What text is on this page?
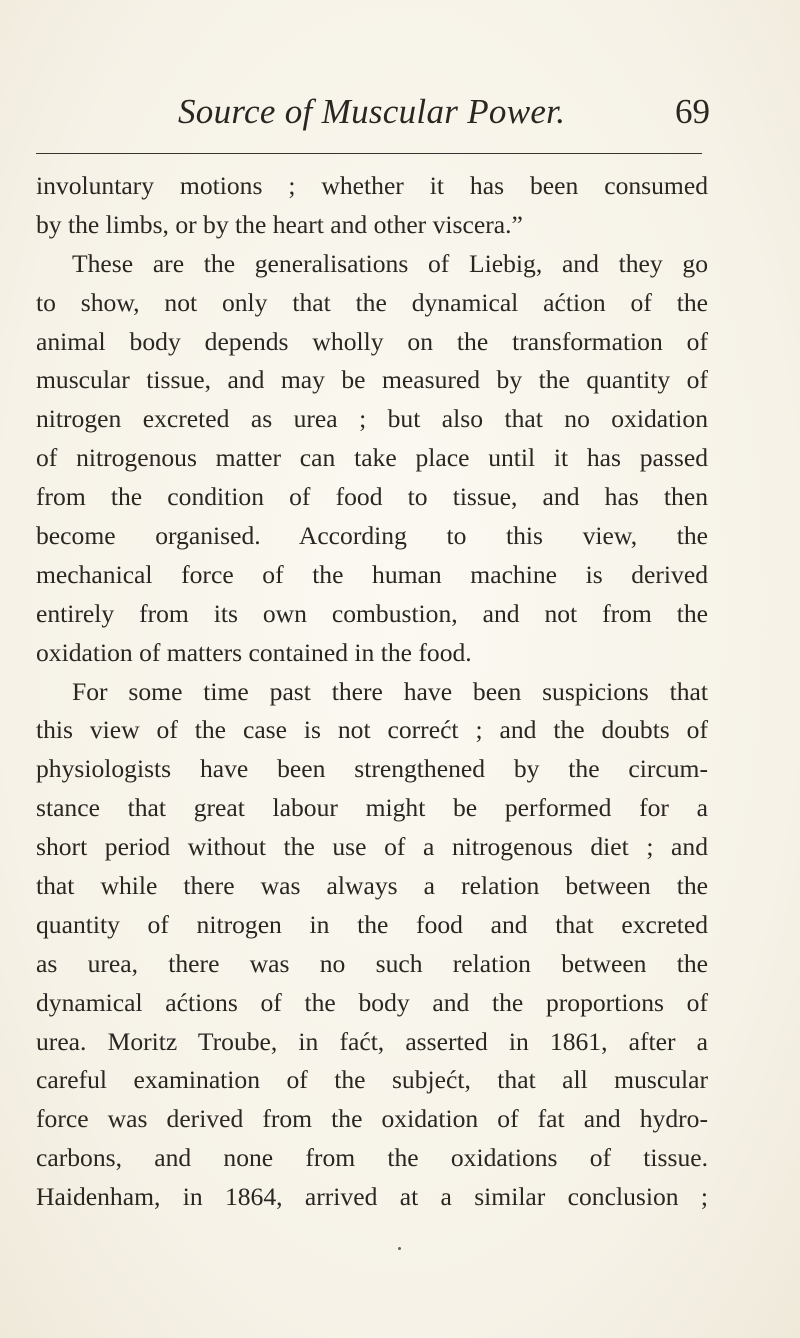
Source of Muscular Power.	69
involuntary motions ; whether it has been consumed
by the limbs, or by the heart and other viscera.”
These are the generalisations of Liebig, and they go
to show, not only that the dynamical aćtion of the
animal body depends wholly on the transformation of
muscular tissue, and may be measured by the quantity of
nitrogen excreted as urea ; but also that no oxidation
of nitrogenous matter can take place until it has passed
from the condition of food to tissue, and has then
become organised. According to this view, the
mechanical force of the human machine is derived
entirely from its own combustion, and not from the
oxidation of matters contained in the food.
For some time past there have been suspicions that
this view of the case is not correćt ; and the doubts of
physiologists have been strengthened by the circum-
stance that great labour might be performed for a
short period without the use of a nitrogenous diet ; and
that while there was always a relation between the
quantity of nitrogen in the food and that excreted
as urea, there was no such relation between the
dynamical aćtions of the body and the proportions of
urea. Moritz Troube, in faćt, asserted in 1861, after a
careful examination of the subjećt, that all muscular
force was derived from the oxidation of fat and hydro-
carbons, and none from the oxidations of tissue.
Haidenham, in 1864, arrived at a similar conclusion ;
